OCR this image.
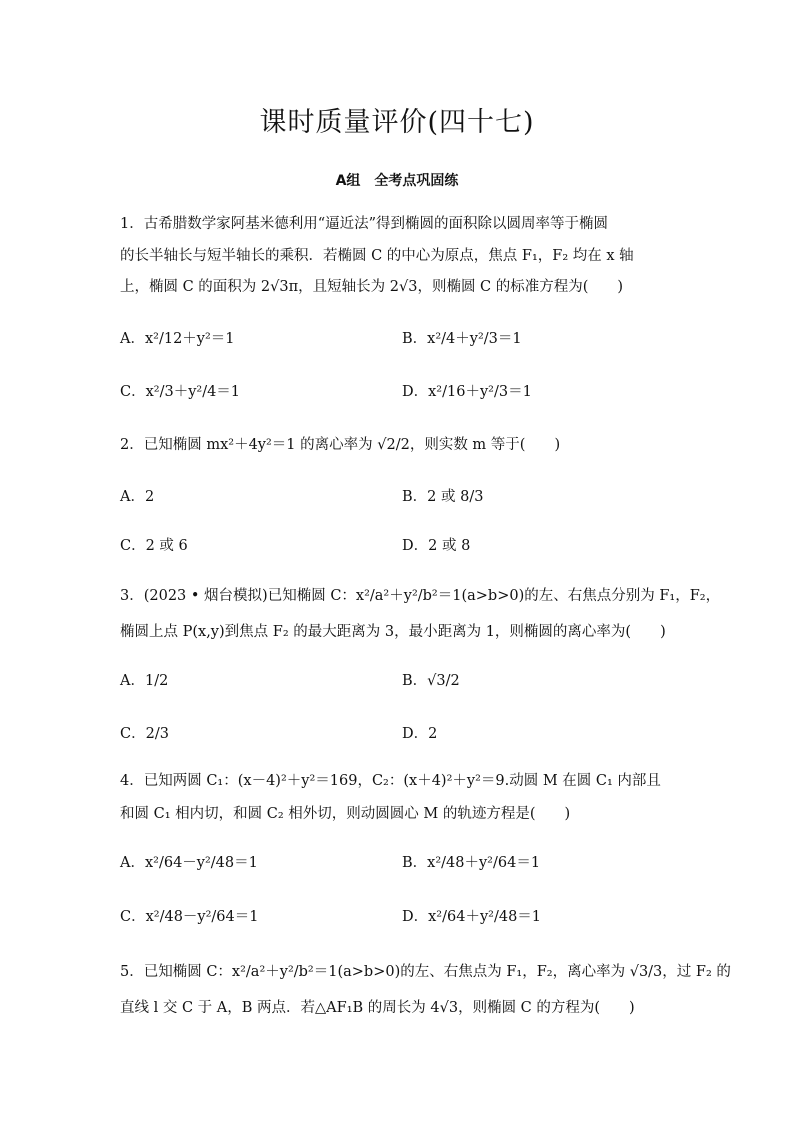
课时质量评价(四十七)
A组 全考点巩固练
1．古希腊数学家阿基米德利用“逼近法”得到椭圆的面积除以圆周率等于椭圆
的长半轴长与短半轴长的乘积．若椭圆 C 的中心为原点，焦点 F₁，F₂ 均在 x 轴
上，椭圆 C 的面积为 2√3π，且短轴长为 2√3，则椭圆 C 的标准方程为(　　)
A．x²/12＋y²＝1	B．x²/4＋y²/3＝1
C．x²/3＋y²/4＝1	D．x²/16＋y²/3＝1
2．已知椭圆 mx²＋4y²＝1 的离心率为 √2/2，则实数 m 等于(　　)
A．2	B．2 或 8/3
C．2 或 6	D．2 或 8
3．(2023 • 烟台模拟)已知椭圆 C：x²/a²＋y²/b²＝1(a>b>0)的左、右焦点分别为 F₁，F₂，
椭圆上点 P(x,y)到焦点 F₂ 的最大距离为 3，最小距离为 1，则椭圆的离心率为(　　)
A．1/2	B．√3/2
C．2/3	D．2
4．已知两圆 C₁：(x－4)²＋y²＝169，C₂：(x＋4)²＋y²＝9.动圆 M 在圆 C₁ 内部且
和圆 C₁ 相内切，和圆 C₂ 相外切，则动圆圆心 M 的轨迹方程是(　　)
A．x²/64－y²/48＝1	B．x²/48＋y²/64＝1
C．x²/48－y²/64＝1	D．x²/64＋y²/48＝1
5．已知椭圆 C：x²/a²＋y²/b²＝1(a>b>0)的左、右焦点为 F₁，F₂，离心率为 √3/3，过 F₂ 的
直线 l 交 C 于 A，B 两点．若△AF₁B 的周长为 4√3，则椭圆 C 的方程为(　　)
